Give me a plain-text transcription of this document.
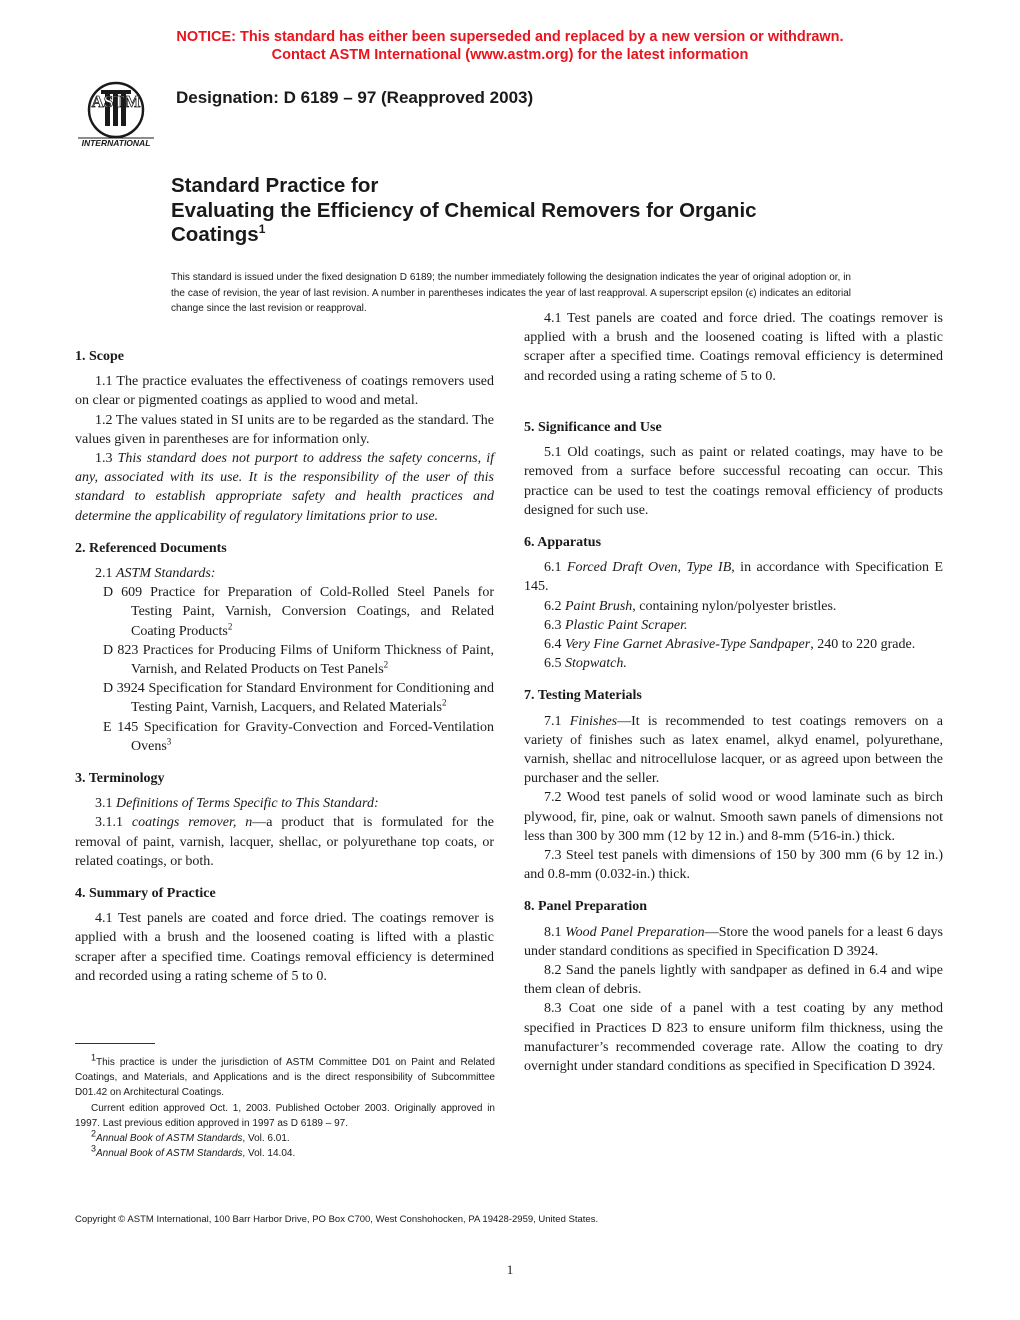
NOTICE: This standard has either been superseded and replaced by a new version or withdrawn.
Contact ASTM International (www.astm.org) for the latest information
ASTM
INTERNATIONAL
Designation: D 6189 – 97 (Reapproved 2003)
Standard Practice for
Evaluating the Efficiency of Chemical Removers for Organic
Coatings$^1$
This standard is issued under the fixed designation D 6189; the number immediately following the designation indicates the year of original adoption or, in the case of revision, the year of last revision. A number in parentheses indicates the year of last reapproval. A superscript epsilon (ϵ) indicates an editorial change since the last revision or reapproval.
1. Scope

1.1 The practice evaluates the effectiveness of coatings removers used on clear or pigmented coatings as applied to wood and metal.

1.2 The values stated in SI units are to be regarded as the standard. The values given in parentheses are for information only.

1.3 This standard does not purport to address the safety concerns, if any, associated with its use. It is the responsibility of the user of this standard to establish appropriate safety and health practices and determine the applicability of regulatory limitations prior to use.

2. Referenced Documents

2.1 ASTM Standards:

D 609 Practice for Preparation of Cold-Rolled Steel Panels for Testing Paint, Varnish, Conversion Coatings, and Related Coating Products$^2$

D 823 Practices for Producing Films of Uniform Thickness of Paint, Varnish, and Related Products on Test Panels$^2$

D 3924 Specification for Standard Environment for Conditioning and Testing Paint, Varnish, Lacquers, and Related Materials$^2$

E 145 Specification for Gravity-Convection and Forced-Ventilation Ovens$^3$

3. Terminology

3.1 Definitions of Terms Specific to This Standard:

3.1.1 coatings remover, n—a product that is formulated for the removal of paint, varnish, lacquer, shellac, or polyurethane top coats, or related coatings, or both.

4. Summary of Practice

4.1 Test panels are coated and force dried. The coatings remover is applied with a brush and the loosened coating is lifted with a plastic scraper after a specified time. Coatings removal efficiency is determined and recorded using a rating scheme of 5 to 0.

4.1 Test panels are coated and force dried. The coatings remover is applied with a brush and the loosened coating is lifted with a plastic scraper after a specified time. Coatings removal efficiency is determined and recorded using a rating scheme of 5 to 0.

5. Significance and Use

5.1 Old coatings, such as paint or related coatings, may have to be removed from a surface before successful recoating can occur. This practice can be used to test the coatings removal efficiency of products designed for such use.

6. Apparatus

6.1 Forced Draft Oven, Type IB, in accordance with Specification E 145.

6.2 Paint Brush, containing nylon/polyester bristles.

6.3 Plastic Paint Scraper.

6.4 Very Fine Garnet Abrasive-Type Sandpaper, 240 to 220 grade.

6.5 Stopwatch.

7. Testing Materials

7.1 Finishes—It is recommended to test coatings removers on a variety of finishes such as latex enamel, alkyd enamel, polyurethane, varnish, shellac and nitrocellulose lacquer, or as agreed upon between the purchaser and the seller.

7.2 Wood test panels of solid wood or wood laminate such as birch plywood, fir, pine, oak or walnut. Smooth sawn panels of dimensions not less than 300 by 300 mm (12 by 12 in.) and 8-mm (5⁄16-in.) thick.

7.3 Steel test panels with dimensions of 150 by 300 mm (6 by 12 in.) and 0.8-mm (0.032-in.) thick.

8. Panel Preparation

8.1 Wood Panel Preparation—Store the wood panels for a least 6 days under standard conditions as specified in Specification D 3924.

8.2 Sand the panels lightly with sandpaper as defined in 6.4 and wipe them clean of debris.

8.3 Coat one side of a panel with a test coating by any method specified in Practices D 823 to ensure uniform film thickness, using the manufacturer’s recommended coverage rate. Allow the coating to dry overnight under standard conditions as specified in Specification D 3924.

$^1$This practice is under the jurisdiction of ASTM Committee D01 on Paint and Related Coatings, and Materials, and Applications and is the direct responsibility of Subcommittee D01.42 on Architectural Coatings.

Current edition approved Oct. 1, 2003. Published October 2003. Originally approved in 1997. Last previous edition approved in 1997 as D 6189 – 97.

$^2$Annual Book of ASTM Standards, Vol. 6.01.

$^3$Annual Book of ASTM Standards, Vol. 14.04.

Copyright © ASTM International, 100 Barr Harbor Drive, PO Box C700, West Conshohocken, PA 19428-2959, United States.
1
